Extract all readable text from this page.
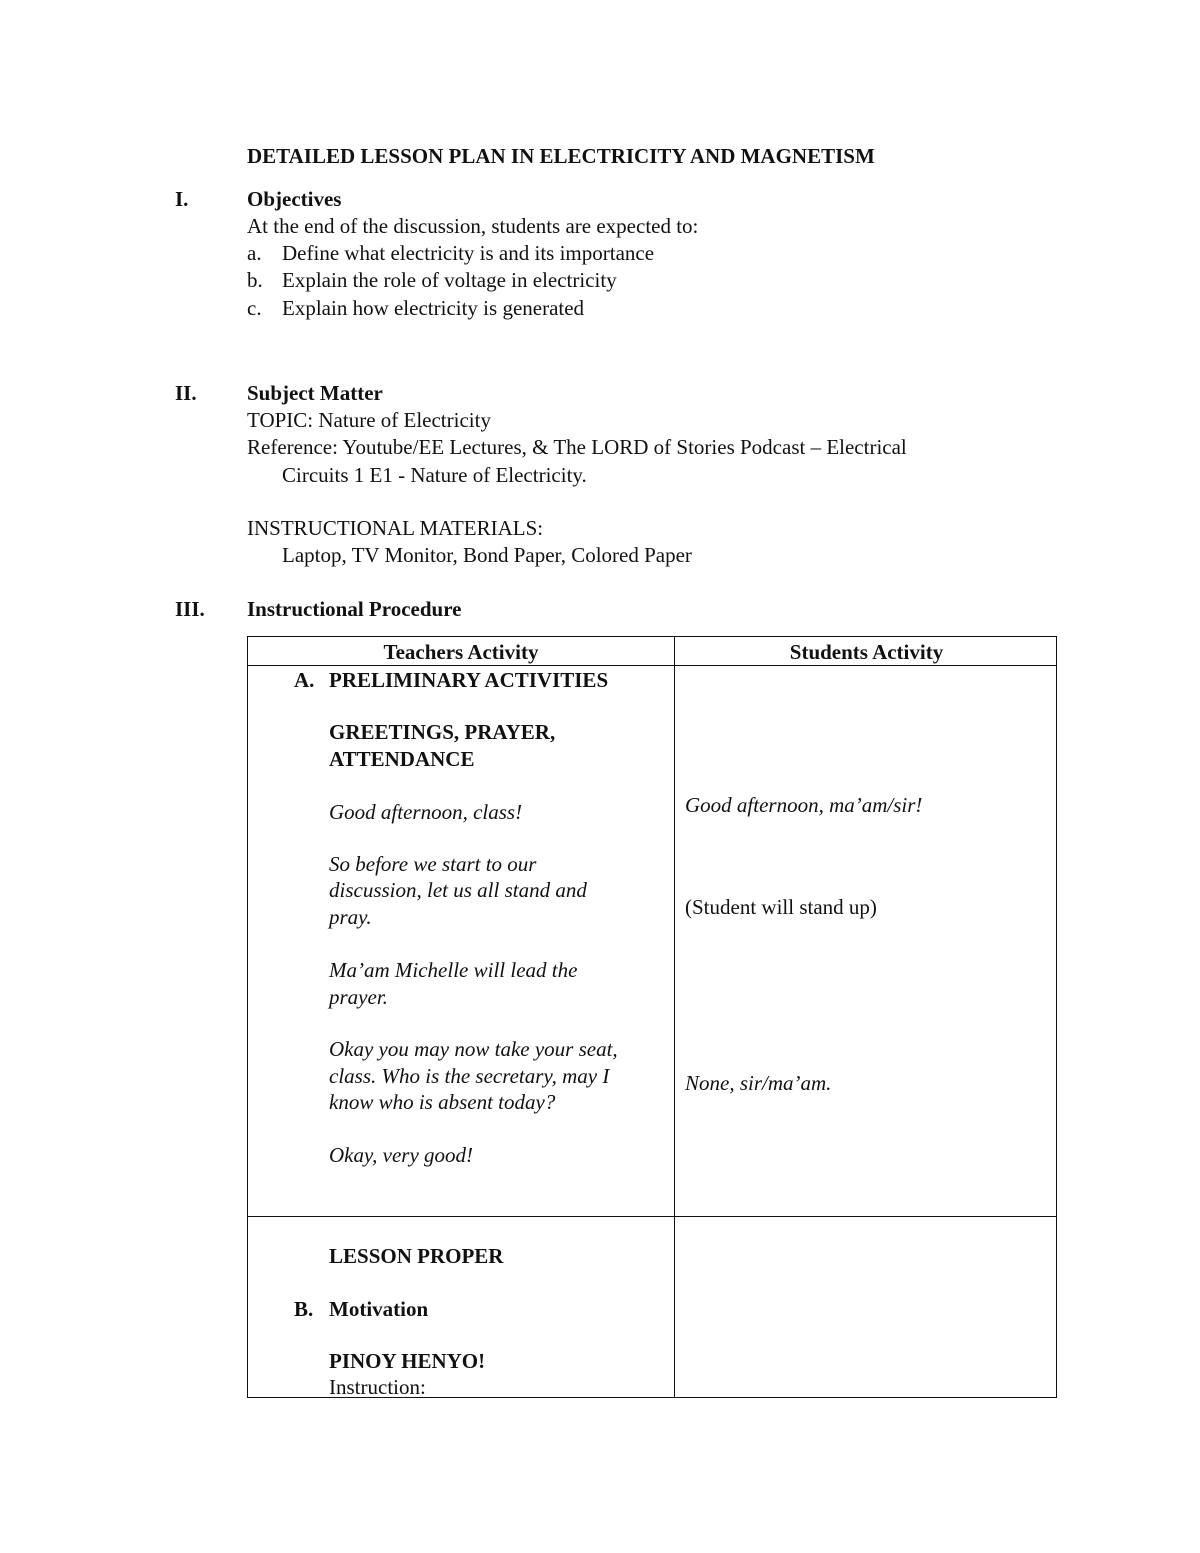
DETAILED LESSON PLAN IN ELECTRICITY AND MAGNETISM
I.	Objectives
At the end of the discussion, students are expected to:
a. Define what electricity is and its importance
b. Explain the role of voltage in electricity
c. Explain how electricity is generated
II. Subject Matter
TOPIC: Nature of Electricity
Reference: Youtube/EE Lectures, & The LORD of Stories Podcast – Electrical
Circuits 1 E1 - Nature of Electricity.
INSTRUCTIONAL MATERIALS:
Laptop, TV Monitor, Bond Paper, Colored Paper
III. Instructional Procedure
Teachers Activity	Students Activity
A. PRELIMINARY ACTIVITIES
GREETINGS, PRAYER,
ATTENDANCE
Good afternoon, class!
So before we start to our
discussion, let us all stand and
pray.
Ma’am Michelle will lead the
prayer.
Okay you may now take your seat,
class. Who is the secretary, may I
know who is absent today?
Okay, very good!
Good afternoon, ma’am/sir!
(Student will stand up)
None, sir/ma’am.
LESSON PROPER
B. Motivation
PINOY HENYO!
Instruction:
